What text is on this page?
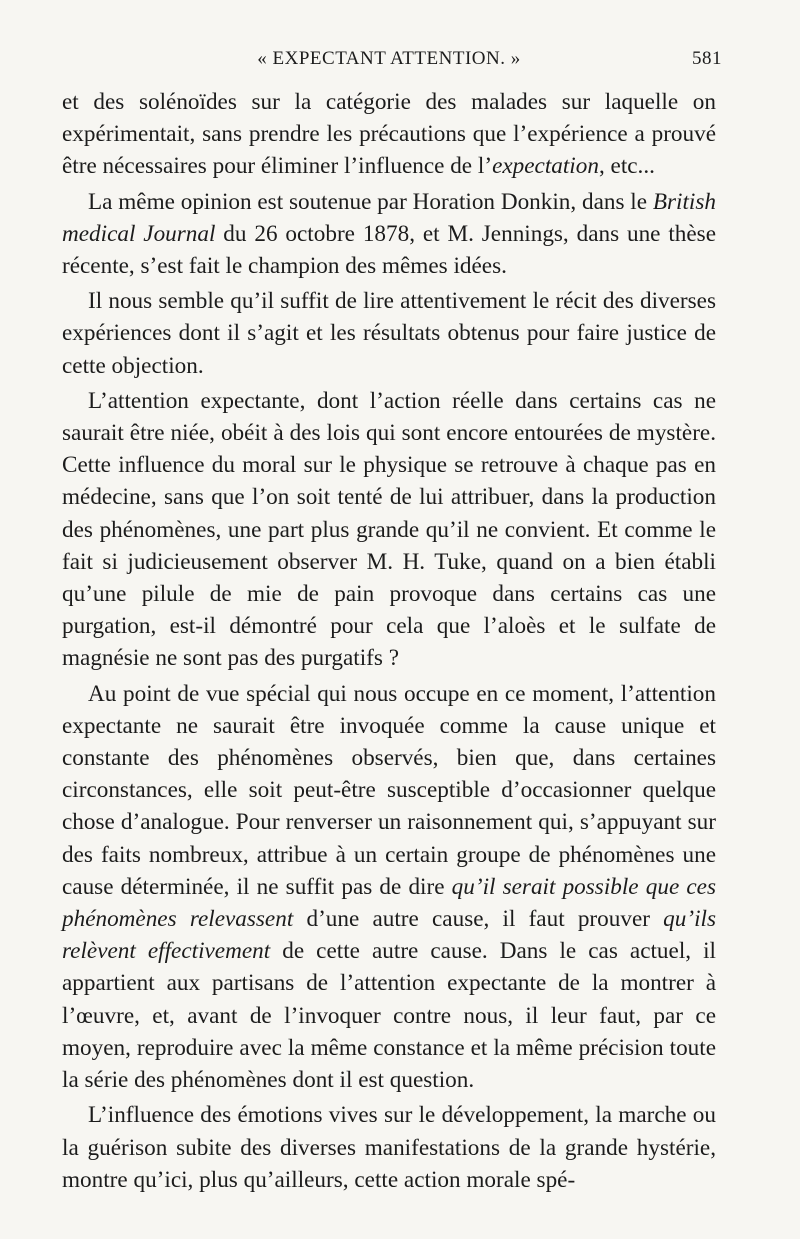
« EXPECTANT ATTENTION. »	581

et des solénoïdes sur la catégorie des malades sur laquelle on expérimentait, sans prendre les précautions que l’expérience a prouvé être nécessaires pour éliminer l’influence de l’expectation, etc...

La même opinion est soutenue par Horation Donkin, dans le British medical Journal du 26 octobre 1878, et M. Jennings, dans une thèse récente, s’est fait le champion des mêmes idées.

Il nous semble qu’il suffit de lire attentivement le récit des diverses expériences dont il s’agit et les résultats obtenus pour faire justice de cette objection.

L’attention expectante, dont l’action réelle dans certains cas ne saurait être niée, obéit à des lois qui sont encore entourées de mystère. Cette influence du moral sur le physique se retrouve à chaque pas en médecine, sans que l’on soit tenté de lui attribuer, dans la production des phénomènes, une part plus grande qu’il ne convient. Et comme le fait si judicieusement observer M. H. Tuke, quand on a bien établi qu’une pilule de mie de pain provoque dans certains cas une purgation, est-il démontré pour cela que l’aloès et le sulfate de magnésie ne sont pas des purgatifs ?

Au point de vue spécial qui nous occupe en ce moment, l’attention expectante ne saurait être invoquée comme la cause unique et constante des phénomènes observés, bien que, dans certaines circonstances, elle soit peut-être susceptible d’occasionner quelque chose d’analogue. Pour renverser un raisonnement qui, s’appuyant sur des faits nombreux, attribue à un certain groupe de phénomènes une cause déterminée, il ne suffit pas de dire qu’il serait possible que ces phénomènes relevassent d’une autre cause, il faut prouver qu’ils relèvent effectivement de cette autre cause. Dans le cas actuel, il appartient aux partisans de l’attention expectante de la montrer à l’œuvre, et, avant de l’invoquer contre nous, il leur faut, par ce moyen, reproduire avec la même constance et la même précision toute la série des phénomènes dont il est question.

L’influence des émotions vives sur le développement, la marche ou la guérison subite des diverses manifestations de la grande hystérie, montre qu’ici, plus qu’ailleurs, cette action morale spé-
